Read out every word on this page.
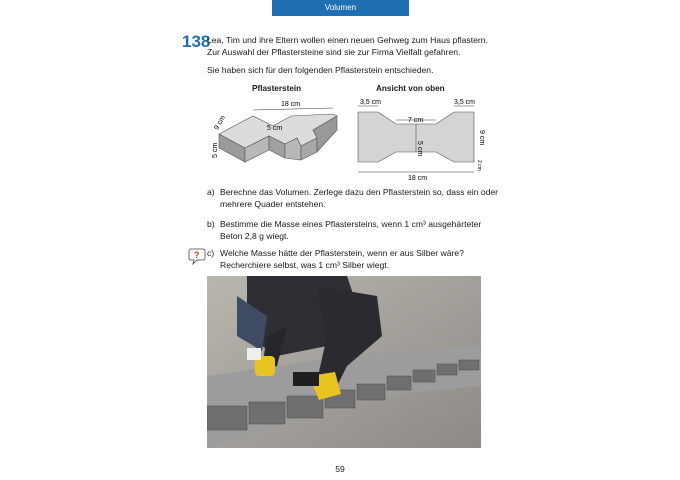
Volumen
138
Lea, Tim und ihre Eltern wollen einen neuen Gehweg zum Haus pflastern.
Zur Auswahl der Pflastersteine sind sie zur Firma Vielfalt gefahren.
Sie haben sich für den folgenden Pflasterstein entschieden.
Pflasterstein	Ansicht von oben
18 cm
5 cm
9 cm
5 cm
3,5 cm	3,5 cm
7 cm
5 cm
9 cm
18 cm
2 cm
a) Berechne das Volumen. Zerlege dazu den Pflasterstein so, dass ein oder
mehrere Quader entstehen.
b) Bestimme die Masse eines Pflastersteins, wenn 1 cm³ ausgehärteter
Beton 2,8 g wiegt.
? c) Welche Masse hätte der Pflasterstein, wenn er aus Silber wäre?
Recherchiere selbst, was 1 cm³ Silber wiegt.
59
